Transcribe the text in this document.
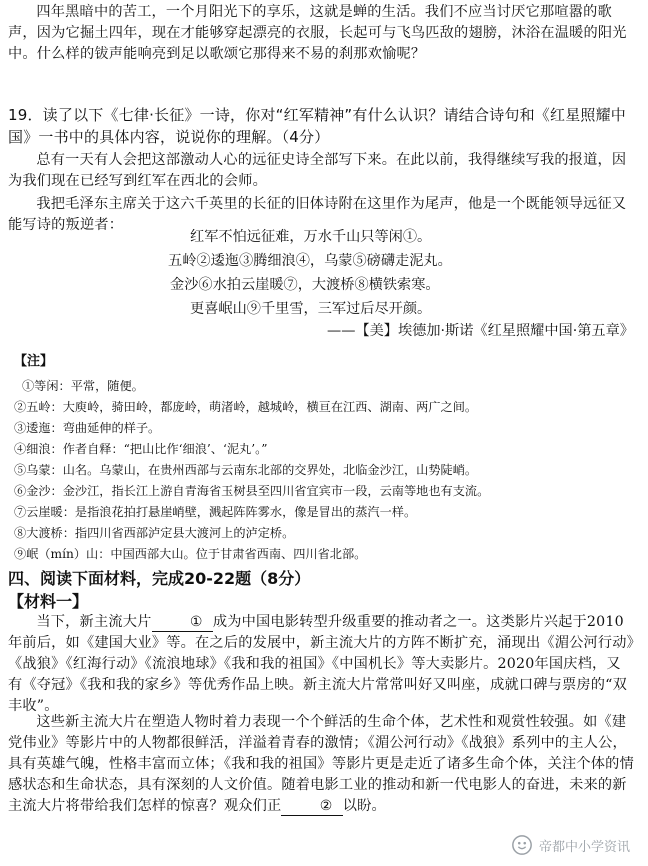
四年黑暗中的苦工，一个月阳光下的享乐，这就是蝉的生活。我们不应当讨厌它那喧嚣的歌声，因为它掘土四年，现在才能够穿起漂亮的衣服，长起可与飞鸟匹敌的翅膀，沐浴在温暖的阳光中。什么样的钹声能响亮到足以歌颂它那得来不易的刹那欢愉呢？
19．读了以下《七律·长征》一诗，你对“红军精神”有什么认识？请结合诗句和《红星照耀中国》一书中的具体内容，说说你的理解。（4分）
总有一天有人会把这部激动人心的远征史诗全部写下来。在此以前，我得继续写我的报道，因为我们现在已经写到红军在西北的会师。
我把毛泽东主席关于这六千英里的长征的旧体诗附在这里作为尾声，他是一个既能领导远征又能写诗的叛逆者：
红军不怕远征难，万水千山只等闲①。
五岭②逶迤③腾细浪④，乌蒙⑤磅礴走泥丸。
金沙⑥水拍云崖暖⑦，大渡桥⑧横铁索寒。
更喜岷山⑨千里雪，三军过后尽开颜。
——【美】埃德加·斯诺《红星照耀中国·第五章》
【注】
①等闲：平常，随便。
②五岭：大庾岭，骑田岭，都庞岭，萌渚岭，越城岭，横亘在江西、湖南、两广之间。
③逶迤：弯曲延伸的样子。
④细浪：作者自释：“把山比作‘细浪’、‘泥丸’。”
⑤乌蒙：山名。乌蒙山，在贵州西部与云南东北部的交界处，北临金沙江，山势陡峭。
⑥金沙：金沙江，指长江上游自青海省玉树县至四川省宜宾市一段，云南等地也有支流。
⑦云崖暖：是指浪花拍打悬崖峭壁，溅起阵阵雾水，像是冒出的蒸汽一样。
⑧大渡桥：指四川省西部泸定县大渡河上的泸定桥。
⑨岷（mín）山：中国西部大山。位于甘肃省西南、四川省北部。
四、阅读下面材料，完成20-22题（8分）
【材料一】
当下，新主流大片	① 成为中国电影转型升级重要的推动者之一。这类影片兴起于2010年前后，如《建国大业》等。在之后的发展中，新主流大片的方阵不断扩充，涌现出《湄公河行动》《战狼》《红海行动》《流浪地球》《我和我的祖国》《中国机长》等大卖影片。2020年国庆档，又有《夺冠》《我和我的家乡》等优秀作品上映。新主流大片常常叫好又叫座，成就口碑与票房的“双丰收”。
这些新主流大片在塑造人物时着力表现一个个鲜活的生命个体，艺术性和观赏性较强。如《建党伟业》等影片中的人物都很鲜活，洋溢着青春的激情；《湄公河行动》《战狼》系列中的主人公，具有英雄气魄，性格丰富而立体；《我和我的祖国》等影片更是走近了诸多生命个体，关注个体的情感状态和生命状态，具有深刻的人文价值。随着电影工业的推动和新一代电影人的奋进，未来的新主流大片将带给我们怎样的惊喜？观众们正	② 以盼。
帝都中小学资讯
